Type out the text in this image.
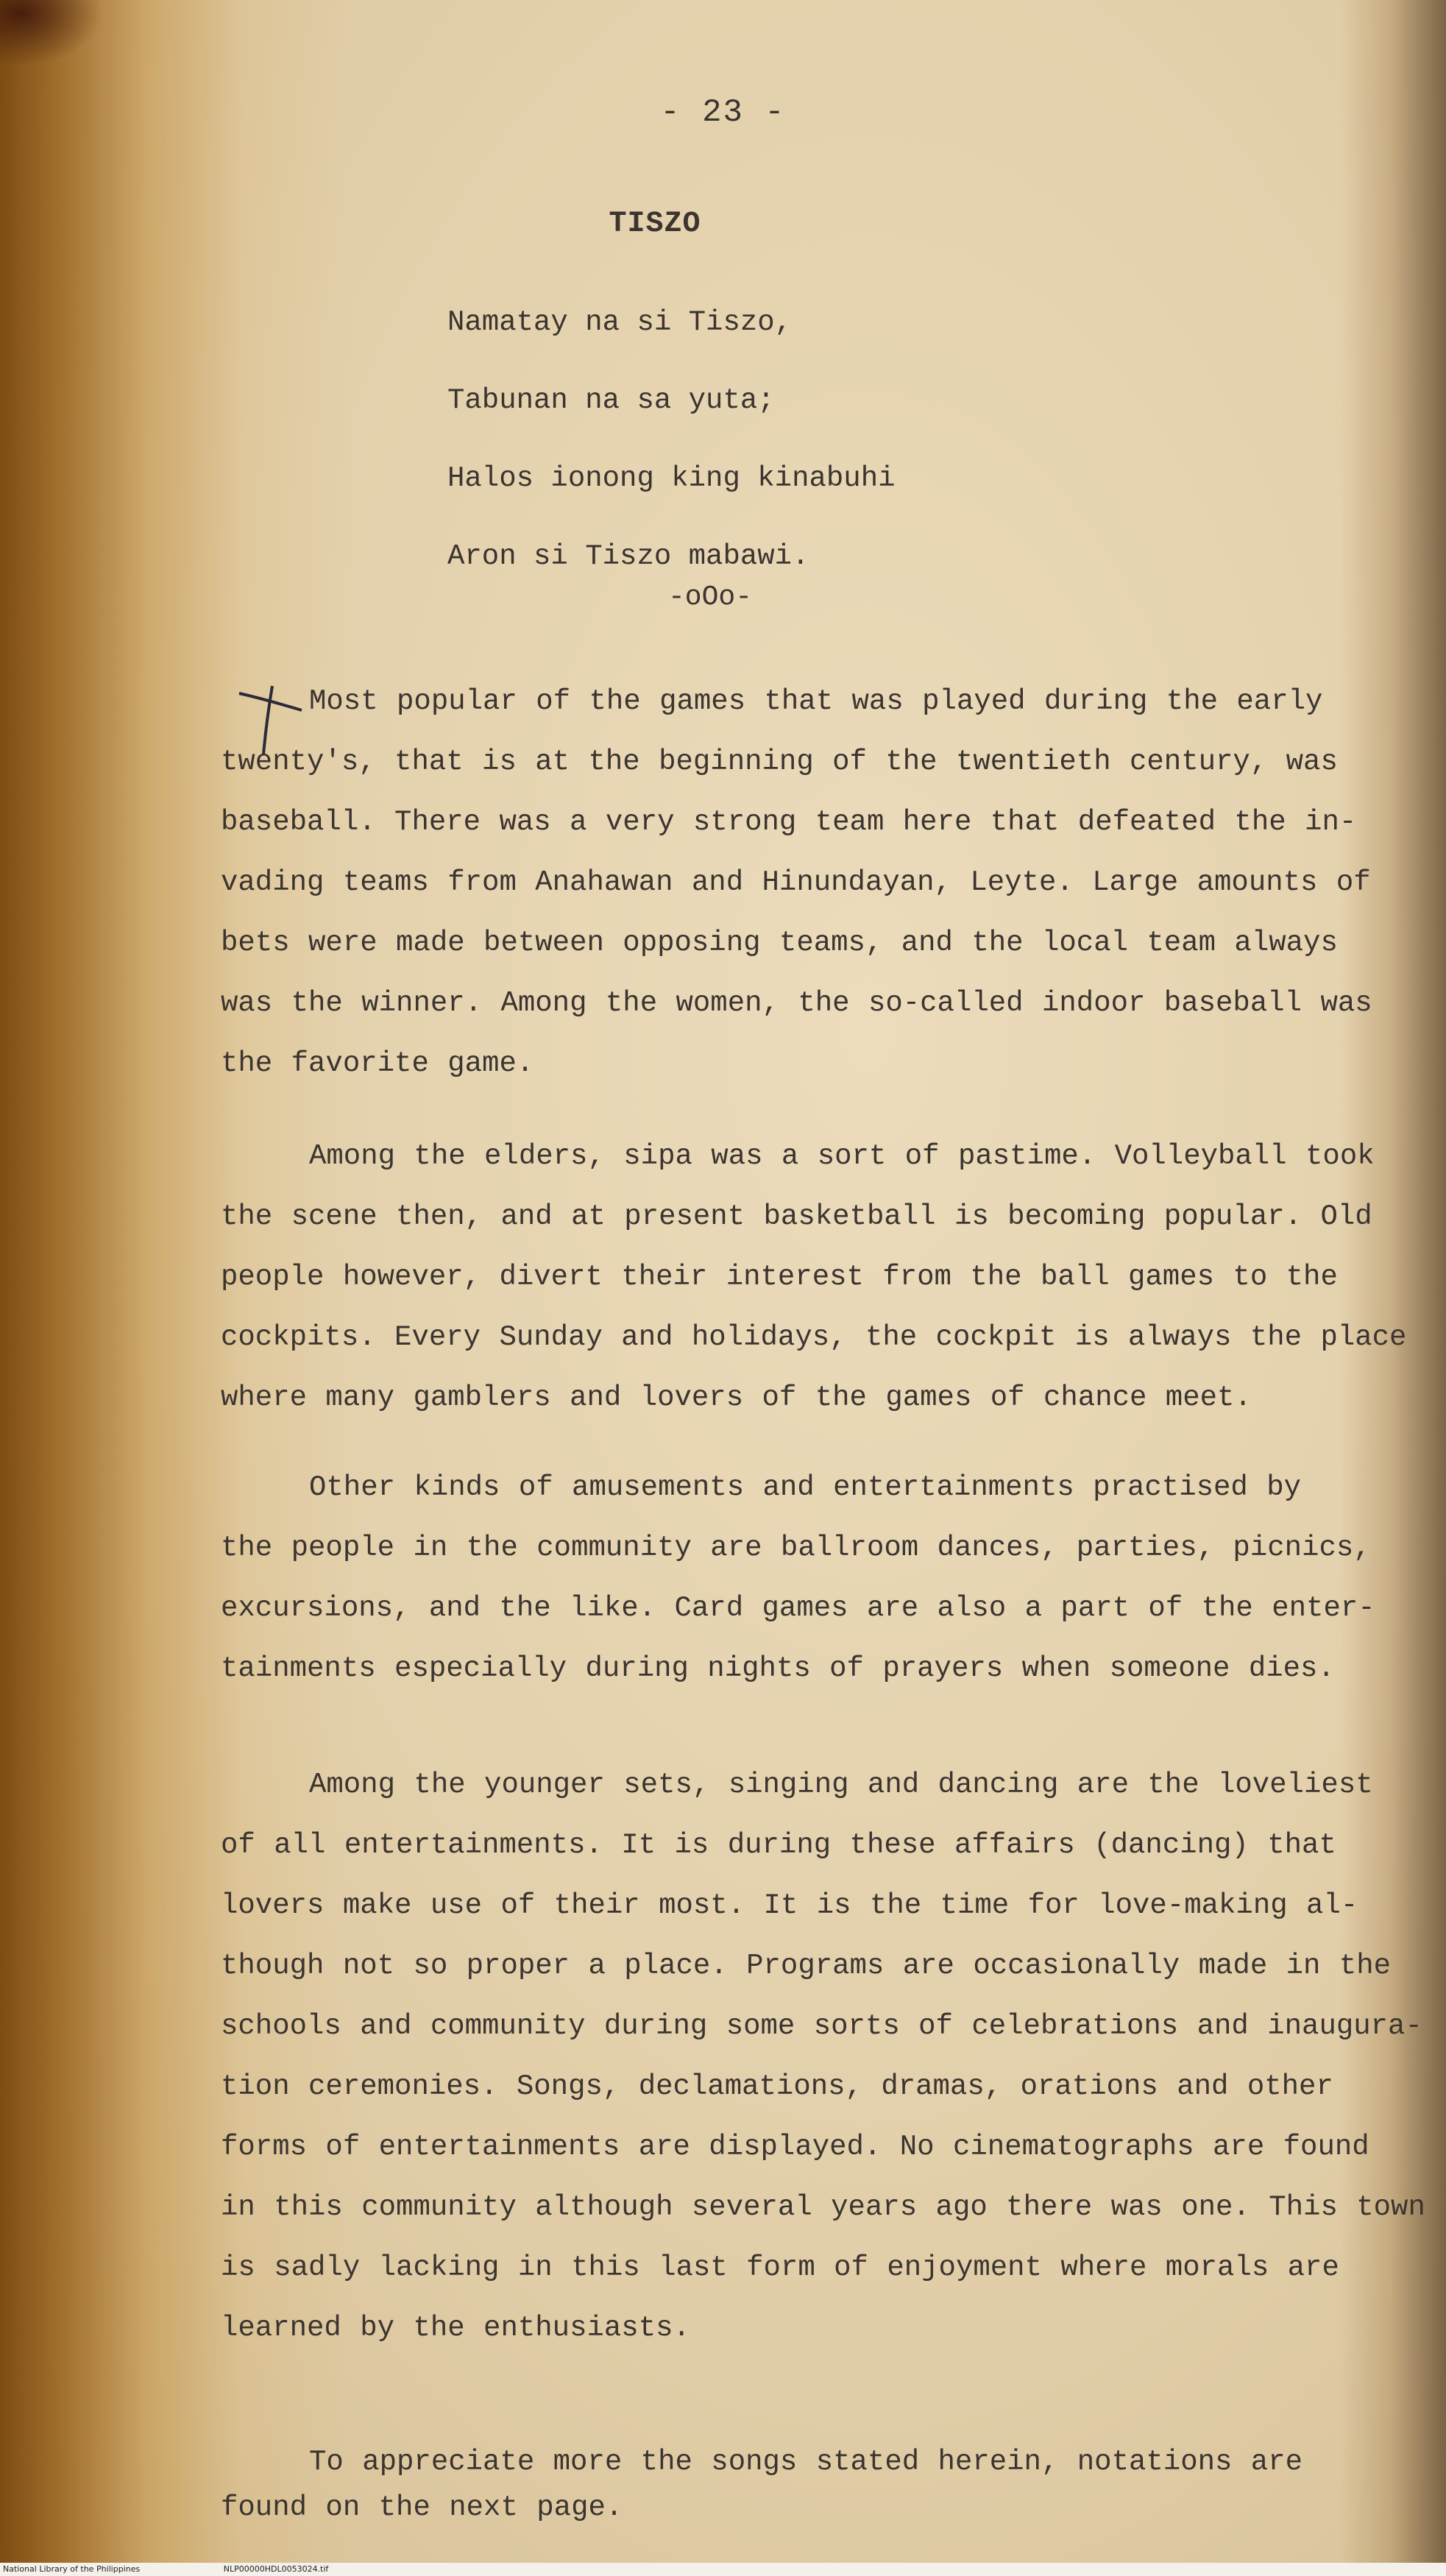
- 23 -
TISZO
Namatay na si Tiszo,
Tabunan na sa yuta;
Halos ionong king kinabuhi
Aron si Tiszo mabawi.
-oOo-
Most popular of the games that was played during the early
twenty's, that is at the beginning of the twentieth century, was
baseball. There was a very strong team here that defeated the in-
vading teams from Anahawan and Hinundayan, Leyte. Large amounts of
bets were made between opposing teams, and the local team always
was the winner. Among the women, the so-called indoor baseball was
the favorite game.
Among the elders, sipa was a sort of pastime. Volleyball took
the scene then, and at present basketball is becoming popular. Old
people however, divert their interest from the ball games to the
cockpits. Every Sunday and holidays, the cockpit is always the place
where many gamblers and lovers of the games of chance meet.
Other kinds of amusements and entertainments practised by
the people in the community are ballroom dances, parties, picnics,
excursions, and the like. Card games are also a part of the enter-
tainments especially during nights of prayers when someone dies.
Among the younger sets, singing and dancing are the loveliest
of all entertainments. It is during these affairs (dancing) that
lovers make use of their most. It is the time for love-making al-
though not so proper a place. Programs are occasionally made in the
schools and community during some sorts of celebrations and inaugura-
tion ceremonies. Songs, declamations, dramas, orations and other
forms of entertainments are displayed. No cinematographs are found
in this community although several years ago there was one. This town
is sadly lacking in this last form of enjoyment where morals are
learned by the enthusiasts.
To appreciate more the songs stated herein, notations are
found on the next page.
National Library of the Philippines	NLP00000HDL0053024.tif
